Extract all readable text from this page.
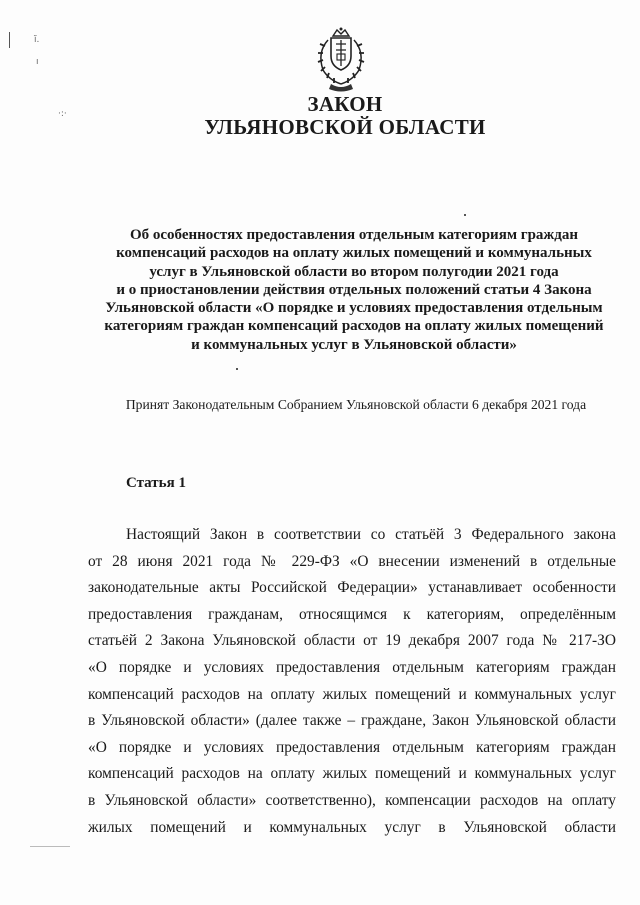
ĭ.
ı
·:·	ЗАКОН
УЛЬЯНОВСКОЙ ОБЛАСТИ
Об особенностях предоставления отдельным категориям граждан
компенсаций расходов на оплату жилых помещений и коммунальных
услуг в Ульяновской области во втором полугодии 2021 года
и о приостановлении действия отдельных положений статьи 4 Закона
Ульяновской области «О порядке и условиях предоставления отдельным
категориям граждан компенсаций расходов на оплату жилых помещений
и коммунальных услуг в Ульяновской области»
Принят Законодательным Собранием Ульяновской области 6 декабря 2021 года
Статья 1
Настоящий Закон в соответствии со статьёй 3 Федерального закона
от 28 июня 2021 года № 229-ФЗ «О внесении изменений в отдельные
законодательные акты Российской Федерации» устанавливает особенности
предоставления гражданам, относящимся к категориям, определённым
статьёй 2 Закона Ульяновской области от 19 декабря 2007 года № 217-ЗО
«О порядке и условиях предоставления отдельным категориям граждан
компенсаций расходов на оплату жилых помещений и коммунальных услуг
в Ульяновской области» (далее также – граждане, Закон Ульяновской области
«О порядке и условиях предоставления отдельным категориям граждан
компенсаций расходов на оплату жилых помещений и коммунальных услуг
в Ульяновской области» соответственно), компенсации расходов на оплату
жилых помещений и коммунальных услуг в Ульяновской области
